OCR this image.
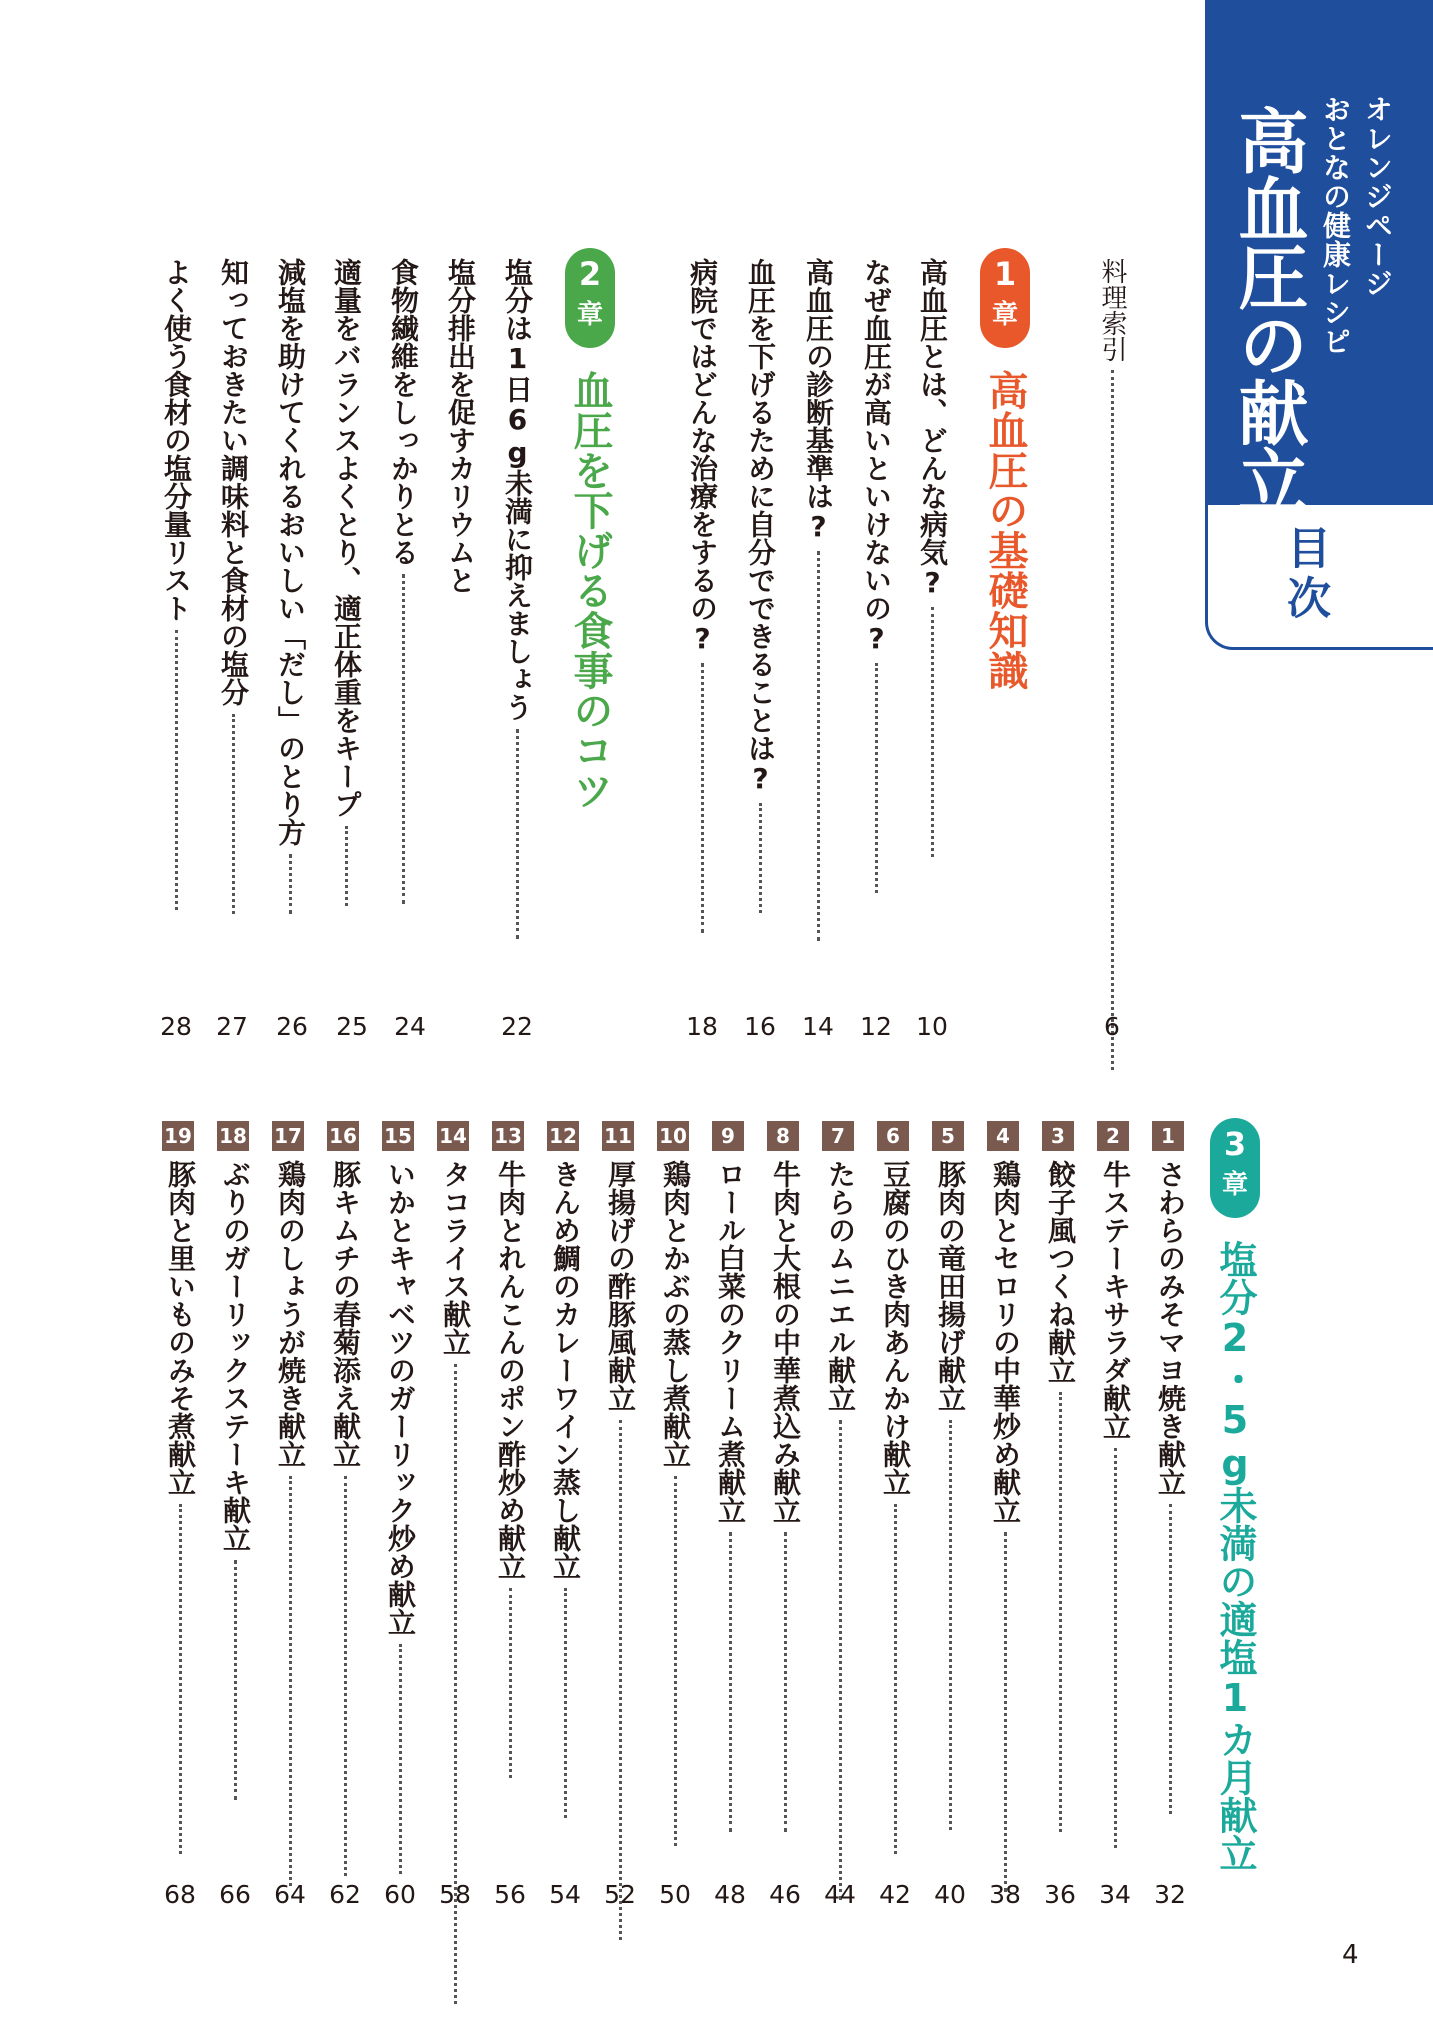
オレンジページ
おとなの健康レシピ
高血圧の献立
目次
料理索引
6
1
章
高血圧の基礎知識
高血圧とは、どんな病気?
なぜ血圧が高いといけないの?
高血圧の診断基準は?
血圧を下げるために自分でできることは?
病院ではどんな治療をするの?
10
12
14
16
18
2
章
血圧を下げる食事のコツ
塩分は1日6g未満に抑えましょう
塩分排出を促すカリウムと
食物繊維をしっかりとる
適量をバランスよくとり、適正体重をキープ
減塩を助けてくれるおいしい「だし」のとり方
知っておきたい調味料と食材の塩分
よく使う食材の塩分量リスト
22
24
25
26
27
28
3
章
塩分2・5g未満の適塩1カ月献立
1
さわらのみそマヨ焼き献立
32
2
牛ステーキサラダ献立
34
3
餃子風つくね献立
36
4
鶏肉とセロリの中華炒め献立
38
5
豚肉の竜田揚げ献立
40
6
豆腐のひき肉あんかけ献立
42
7
たらのムニエル献立
44
8
牛肉と大根の中華煮込み献立
46
9
ロール白菜のクリーム煮献立
48
10
鶏肉とかぶの蒸し煮献立
50
11
厚揚げの酢豚風献立
52
12
きんめ鯛のカレーワイン蒸し献立
54
13
牛肉とれんこんのポン酢炒め献立
56
14
タコライス献立
58
15
いかとキャベツのガーリック炒め献立
60
16
豚キムチの春菊添え献立
62
17
鶏肉のしょうが焼き献立
64
18
ぶりのガーリックステーキ献立
66
19
豚肉と里いものみそ煮献立
68
4
